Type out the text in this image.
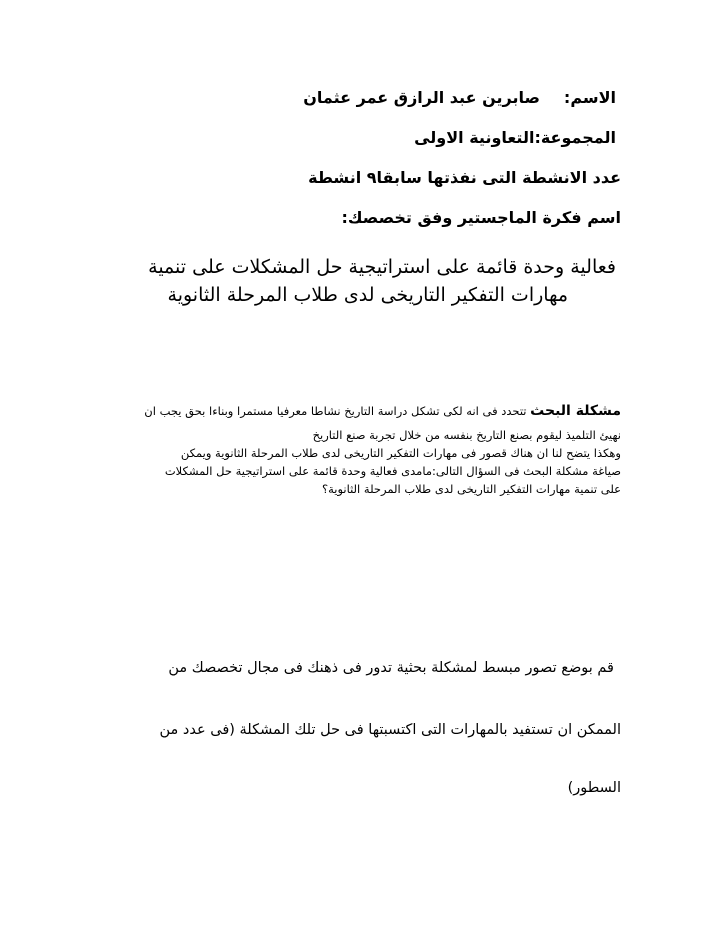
الاسم:صابرين عبد الرازق عمر عثمان

المجموعة:التعاونية الاولى

عدد الانشطة التى نفذتها سابقا٩ انشطة

اسم فكرة الماجستير وفق تخصصك:

فعالية وحدة قائمة على استراتيجية حل المشكلات على تنمية

مهارات التفكير التاريخى لدى طلاب المرحلة الثانوية

مشكلة البحث تتحدد فى انه لكى تشكل دراسة التاريخ نشاطا معرفيا مستمرا وبناءا بحق يجب ان

نهيئ التلميذ ليقوم بصنع التاريخ بنفسه من خلال تجربة صنع التاريخ

وهكذا يتضح لنا ان هناك قصور فى مهارات التفكير التاريخى لدى طلاب المرحلة الثانوية ويمكن

صياغة مشكلة البحث فى السؤال التالى:مامدى فعالية وحدة قائمة على استراتيجية حل المشكلات

على تنمية مهارات التفكير التاريخى لدى طلاب المرحلة الثانوية؟

قم بوضع تصور مبسط لمشكلة بحثية تدور فى ذهنك فى مجال تخصصك من

الممكن ان تستفيد بالمهارات التى اكتسبتها فى حل تلك المشكلة (فى عدد من

السطور)
